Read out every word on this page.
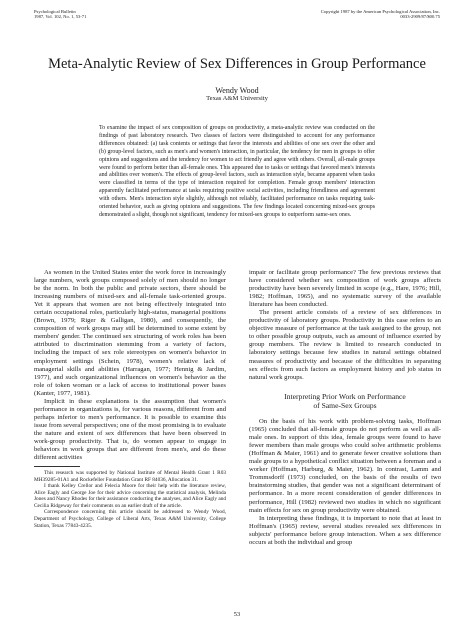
Psychological Bulletin
1987, Vol. 102, No. 1, 53-71
Copyright 1987 by the American Psychological Association, Inc.
0033-2909/87/$00.75
Meta-Analytic Review of Sex Differences in Group Performance
Wendy Wood
Texas A&M University

To examine the impact of sex composition of groups on productivity, a meta-analytic review was conducted on the findings of past laboratory research. Two classes of factors were distinguished to account for any performance differences obtained: (a) task contents or settings that favor the interests and abilities of one sex over the other and (b) group-level factors, such as men's and women's interaction, in particular, the tendency for men in groups to offer opinions and suggestions and the tendency for women to act friendly and agree with others. Overall, all-male groups were found to perform better than all-female ones. This appeared due to tasks or settings that favored men's interests and abilities over women's. The effects of group-level factors, such as interaction style, became apparent when tasks were classified in terms of the type of interaction required for completion. Female group members' interaction apparently facilitated performance at tasks requiring positive social activities, including friendliness and agreement with others. Men's interaction style slightly, although not reliably, facilitated performance on tasks requiring task-oriented behavior, such as giving opinions and suggestions. The few findings located concerning mixed-sex groups demonstrated a slight, though not significant, tendency for mixed-sex groups to outperform same-sex ones.

As women in the United States enter the work force in increasingly large numbers, work groups composed solely of men should no longer be the norm. In both the public and private sectors, there should be increasing numbers of mixed-sex and all-female task-oriented groups. Yet it appears that women are not being effectively integrated into certain occupational roles, particularly high-status, managerial positions (Brown, 1979; Riger & Galligan, 1980), and consequently, the composition of work groups may still be determined to some extent by members' gender. The continued sex structuring of work roles has been attributed to discrimination stemming from a variety of factors, including the impact of sex role stereotypes on women's behavior in employment settings (Schein, 1978), women's relative lack of managerial skills and abilities (Harragan, 1977; Hennig & Jardim, 1977), and such organizational influences on women's behavior as the role of token woman or a lack of access to institutional power bases (Kanter, 1977, 1981).

Implicit in these explanations is the assumption that women's performance in organizations is, for various reasons, different from and perhaps inferior to men's performance. It is possible to examine this issue from several perspectives; one of the most promising is to evaluate the nature and extent of sex differences that have been observed in work-group productivity. That is, do women appear to engage in behaviors in work groups that are different from men's, and do these different activities

This research was supported by National Institute of Mental Health Grant 1 R03 MH39285-01A1 and Rockefeller Foundation Grant RF 84036, Allocation 31.

I thank Kelley Crellor and Felecia Moore for their help with the literature review, Alice Eagly and George Joe for their advice concerning the statistical analysis, Melinda Jones and Nancy Rhodes for their assistance conducting the analyses, and Alice Eagly and Cecilia Ridgeway for their comments on an earlier draft of the article.

Correspondence concerning this article should be addressed to Wendy Wood, Department of Psychology, College of Liberal Arts, Texas A&M University, College Station, Texas 77843-4235.

impair or facilitate group performance? The few previous reviews that have considered whether sex composition of work groups affects productivity have been severely limited in scope (e.g., Hare, 1976; Hill, 1982; Hoffman, 1965), and no systematic survey of the available literature has been conducted.

The present article consists of a review of sex differences in productivity of laboratory groups. Productivity in this case refers to an objective measure of performance at the task assigned to the group, not to other possible group outputs, such as amount of influence exerted by group members. The review is limited to research conducted in laboratory settings because few studies in natural settings obtained measures of productivity and because of the difficulties in separating sex effects from such factors as employment history and job status in natural work groups.

Interpreting Prior Work on Performance
of Same-Sex Groups

On the basis of his work with problem-solving tasks, Hoffman (1965) concluded that all-female groups do not perform as well as all-male ones. In support of this idea, female groups were found to have fewer members than male groups who could solve arithmetic problems (Hoffman & Maier, 1961) and to generate fewer creative solutions than male groups to a hypothetical conflict situation between a foreman and a worker (Hoffman, Harburg, & Maier, 1962). In contrast, Lamm and Trommsdorff (1973) concluded, on the basis of the results of two brainstorming studies, that gender was not a significant determinant of performance. In a more recent consideration of gender differences in performance, Hill (1982) reviewed two studies in which no significant main effects for sex on group productivity were obtained.

In interpreting these findings, it is important to note that at least in Hoffman's (1965) review, several studies revealed sex differences in subjects' performance before group interaction. When a sex difference occurs at both the individual and group

53
